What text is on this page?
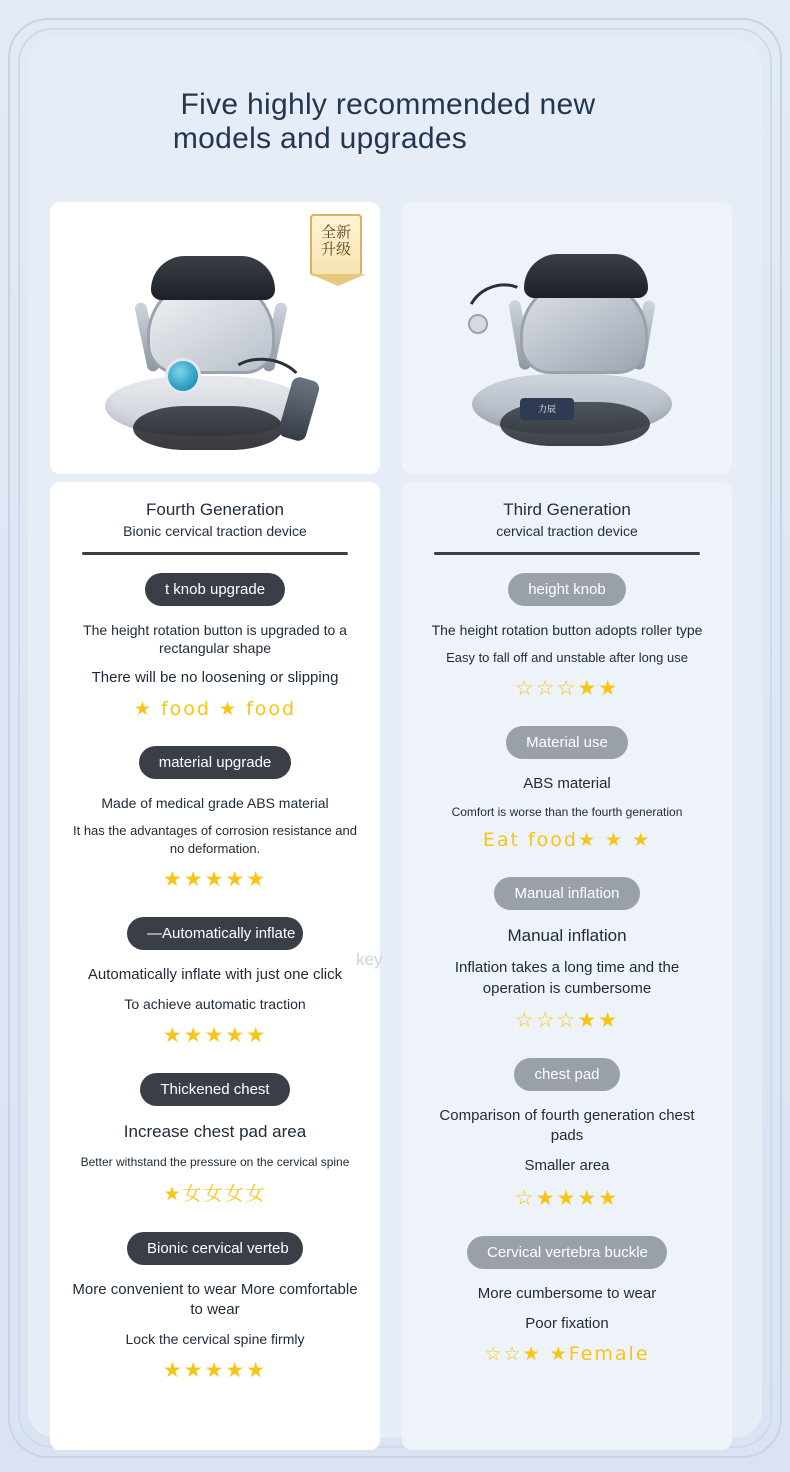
Five highly recommended new
models and upgrades
全新
升级
Fourth Generation
Bionic cervical traction device
t knob upgrade
The height rotation button is upgraded to a rectangular shape
There will be no loosening or slipping
★ food ★ food
material upgrade
Made of medical grade ABS material
It has the advantages of corrosion resistance and no deformation.
★★★★★
—Automatically inflate
Automatically inflate with just one click
To achieve automatic traction
★★★★★
Thickened chest
Increase chest pad area
Better withstand the pressure on the cervical spine
★女女女女
Bionic cervical verteb
More convenient to wear More comfortable to wear
Lock the cervical spine firmly
★★★★★
力辰
Third Generation
cervical traction device
height knob
The height rotation button adopts roller type
Easy to fall off and unstable after long use
☆☆☆★★
Material use
ABS material
Comfort is worse than the fourth generation
Eat food★ ★ ★
Manual inflation
Manual inflation
Inflation takes a long time and the operation is cumbersome
☆☆☆★★
chest pad
Comparison of fourth generation chest pads
Smaller area
☆★★★★
Cervical vertebra buckle
More cumbersome to wear
Poor fixation
☆☆★ ★Female
key
